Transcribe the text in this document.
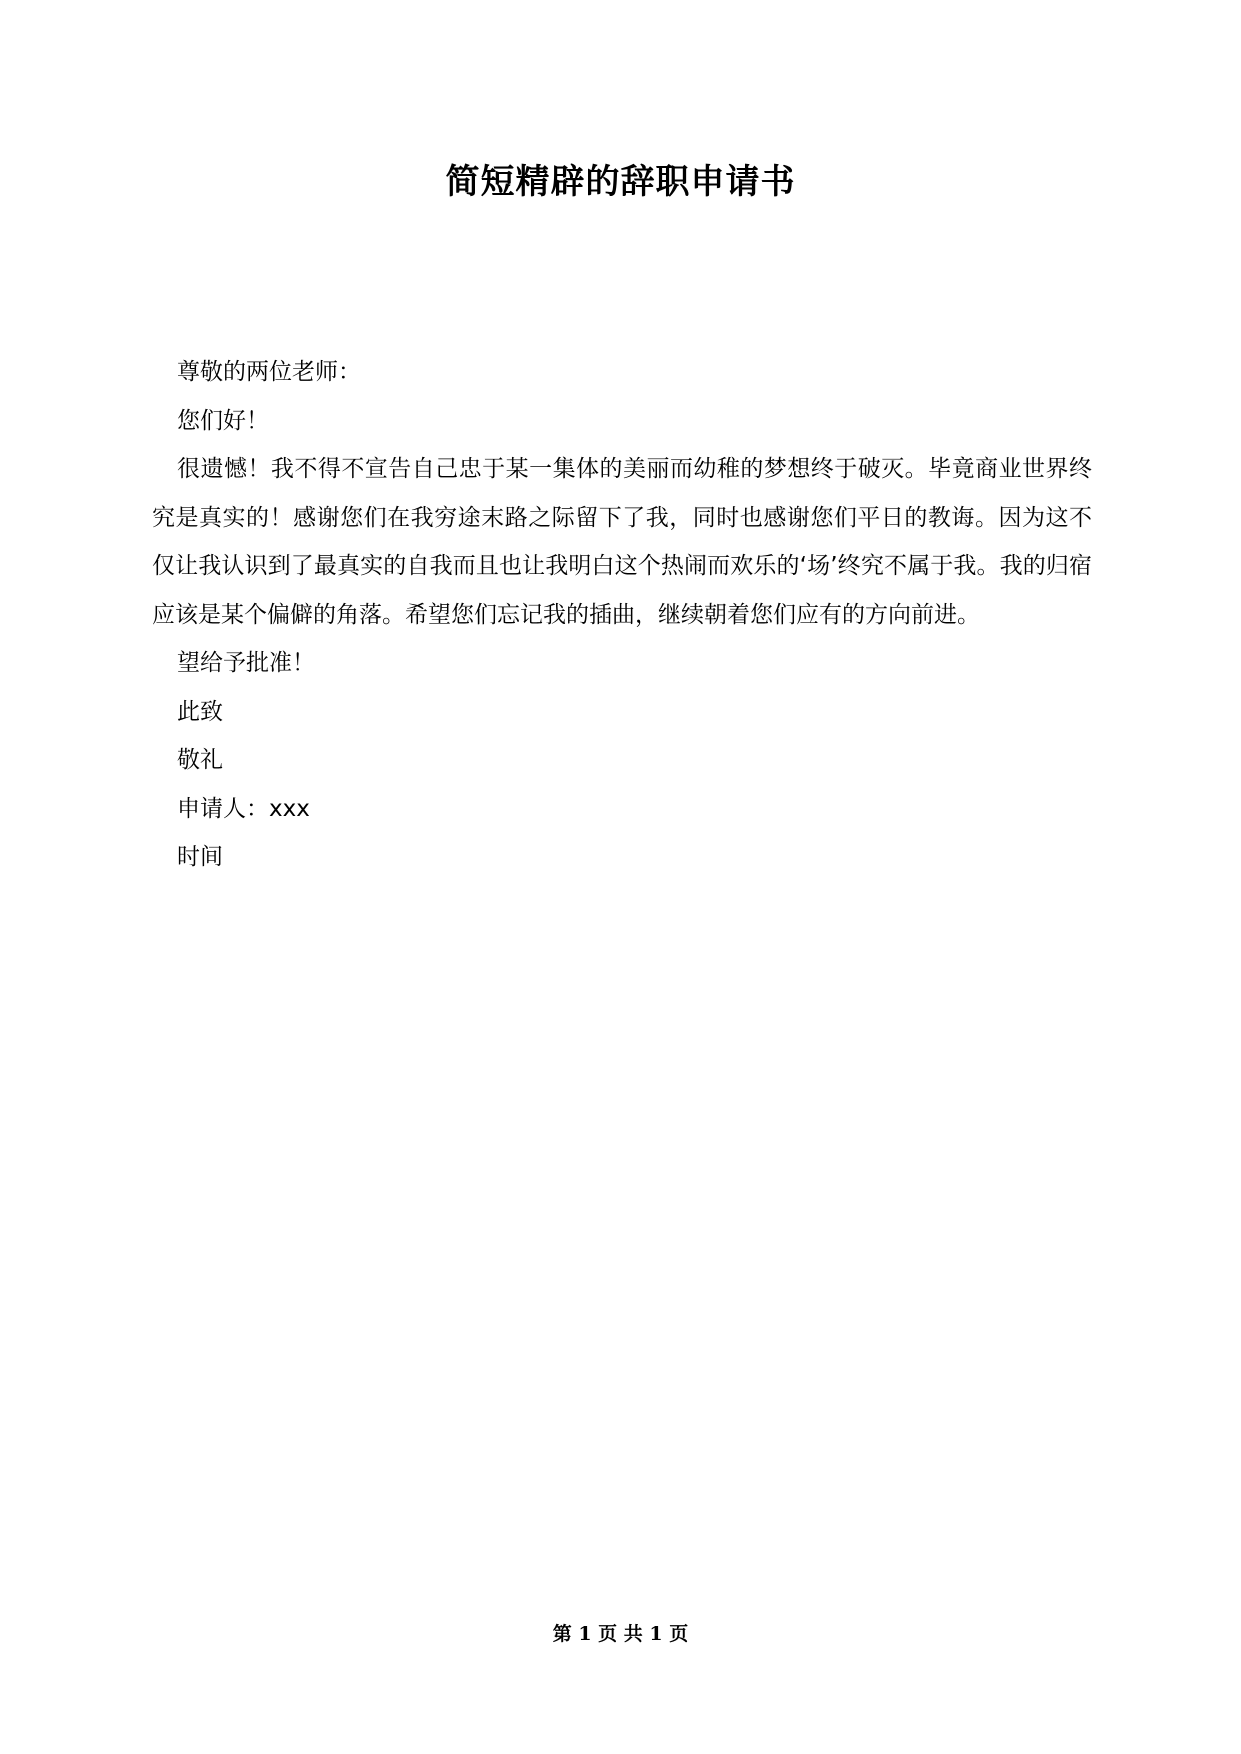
简短精辟的辞职申请书

尊敬的两位老师：

您们好！

很遗憾！我不得不宣告自己忠于某一集体的美丽而幼稚的梦想终于破灭。毕竟商业世界终究是真实的！感谢您们在我穷途末路之际留下了我，同时也感谢您们平日的教诲。因为这不仅让我认识到了最真实的自我而且也让我明白这个热闹而欢乐的‘场’终究不属于我。我的归宿应该是某个偏僻的角落。希望您们忘记我的插曲，继续朝着您们应有的方向前进。

望给予批准！

此致

敬礼

申请人：xxx

时间

第 1 页 共 1 页
